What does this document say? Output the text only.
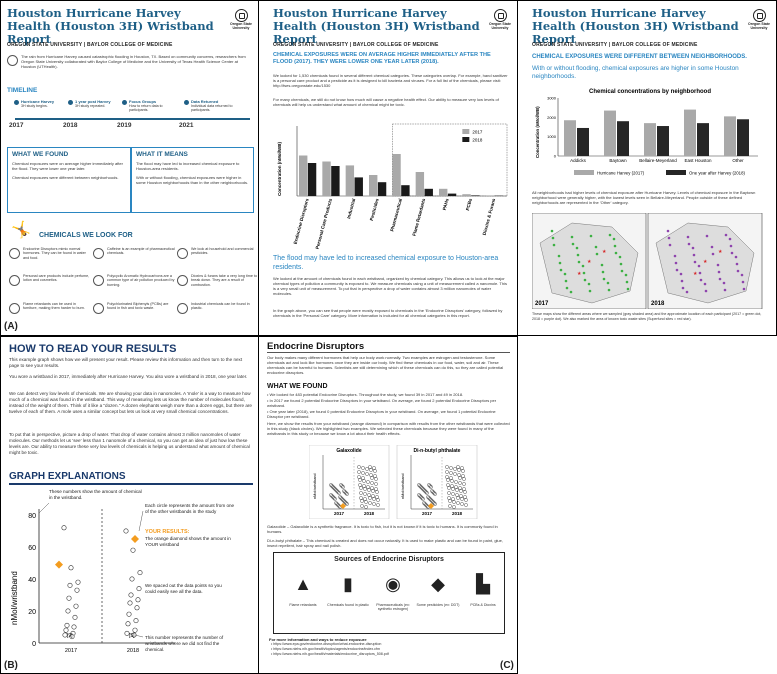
Houston Hurricane Harvey Health (Houston 3H) Wristband Report
OREGON STATE UNIVERSITY | BAYLOR COLLEGE OF MEDICINE
Oregon State University
The rain from Hurricane Harvey caused catastrophic flooding in Houston, TX. Based on community concerns, researchers from Oregon State University collaborated with Baylor College of Medicine and the University of Texas Health Science Center at Houston (UTHealth).
TIMELINE
Hurricane Harvey
3H study begins.
2017
1 year post Harvey
3H study repeated.
2018
Focus Groups
How to return data to participants.
2019
Data Returned
Individual data returned to participants.
2021
WHAT WE FOUND
Chemical exposures were on average higher immediately after the flood. They were lower one year later.
Chemical exposures were different between neighborhoods.
WHAT IT MEANS
The flood may have led to increased chemical exposure to Houston-area residents.
With or without flooding, chemical exposures were higher in some Houston neighborhoods than in the other neighborhoods.
🤸 CHEMICALS WE LOOK FOR
Endocrine Disruptors mimic normal hormones. They can be found in water and food.
Caffeine is an example of pharmaceutical chemicals.
We look at household and commercial pesticides.
Personal care products include perfume, lotion and cosmetics.
Polycyclic Aromatic Hydrocarbons are a common type of air pollution produced by burning.
Dioxins & furans take a very long time to break down. They are a result of combustion.
Flame retardants can be used in furniture, making them harder to burn.
Polychlorinated Biphenyls (PCBs) are found in fish and toxic waste.
Industrial chemicals can be found in plastic.
Houston Hurricane Harvey Health (Houston 3H) Wristband Report
OREGON STATE UNIVERSITY | BAYLOR COLLEGE OF MEDICINE
Oregon State University
CHEMICAL EXPOSURES WERE ON AVERAGE HIGHER IMMEDIATELY AFTER THE FLOOD (2017). THEY WERE LOWER ONE YEAR LATER (2018).
We looked for 1,530 chemicals found in several different chemical categories. These categories overlap. For example, hand sanitizer is a personal care product and a pesticide as it is designed to kill bacteria and viruses. For a full list of the chemicals, please visit: http://fses.oregonstate.edu/1530
For many chemicals, we still do not know how much will cause a negative health effect. Our ability to measure very low levels of chemicals will help us understand what amount of chemical might be toxic.
Concentration (nMol/WB)
Endocrine Disruptors Personal Care Products	Industrial	Pesticides Pharmaceutical Flame Retardants	PAHs	PCBs Dioxins & Furans
2017
2018
The flood may have led to increased chemical exposure to Houston-area residents.
We looked at the amount of chemicals found in each wristband, organized by chemical category. This allows us to look at the major chemical types of pollution a community is exposed to. We measure chemicals using a unit of measurement called a nanomole. This is a very small unit of measurement. To put that in perspective a drop of water contains almost 3 million nanomoles of water molecules.
In the graph above, you can see that people were mostly exposed to chemicals in the 'Endocrine Disruptors' category, followed by chemicals in the 'Personal Care' category. More information is included for all chemical categories in this report.
Houston Hurricane Harvey Health (Houston 3H) Wristband Report
OREGON STATE UNIVERSITY | BAYLOR COLLEGE OF MEDICINE
Oregon State University
CHEMICAL EXPOSURES WERE DIFFERENT BETWEEN NEIGHBORHOODS.
With or without flooding, chemical exposures are higher in some Houston neighborhoods.
Chemical concentrations by neighborhood
Concentration (nMol/WB)	0
1000
2000
3000
Addicks	Baytown	Bellaire-Meyerland East Houston	Other
Hurricane Harvey (2017)	One year after Harvey (2018)
All neighborhoods had higher levels of chemical exposure after Hurricane Harvey. Levels of chemical exposure in the Baytown neighborhood were generally higher, with the lowest levels seen in Bellaire-Meyerland. People outside of these defined neighborhoods are represented in the 'Other' category.
★
★
★
2017
★
★
★
2018
These maps show the different areas where we sampled (gray shaded area) and the approximate location of each participant (2017 = green dot, 2018 = purple dot). We also marked the area of known toxic waste sites (Superfund sites = red star).
HOW TO READ YOUR RESULTS
This example graph shows how we will present your result. Please review this information and then turn to the next page to see your results.
You wore a wristband in 2017, immediately after Hurricane Harvey. You also wore a wristband in 2018, one year later.
We can detect very low levels of chemicals. We are showing your data in nanomoles. A 'mole' is a way to measure how much of a chemical was found in the wristband. This way of measuring lets us know the number of molecules found, instead of the weight of them. Think of it like a "dozen." A dozen elephants weigh more than a dozen eggs, but there are twelve of each of them. A mole uses a similar concept but lets us look at very small chemical concentrations.
To put that in perspective, picture a drop of water. That drop of water contains almost 3 million nanomoles of water molecules. Our methods let us 'see' less than 1 nanomole of a chemical, so you can get an idea of just how low these levels are. Our ability to measure these very low levels of chemicals is helping us understand what amount of chemical might be toxic.
GRAPH EXPLANATIONS
nMol/wristband
80
60
40
20
0
2017	2018
[9]	[5]
These numbers show the amount of chemical
in the wristband.
Each circle represents the amount from one
of the other wristbands in the study
YOUR RESULTS:
The orange diamond shows the amount in
YOUR wristband
We spaced out the data points so you
could easily see all the data.
This number represents the number of
wristbands where we did not find the
chemical.
Endocrine Disruptors
Our body makes many different hormones that help our body work normally. Two examples are estrogen and testosterone. Some chemicals act and look like hormones once they are inside our body. We find these chemicals in our food, water, soil and air. These chemicals can be harmful to humans. Scientists are still determining which of these chemicals can do this, so they are called potential endocrine disruptors.
WHAT WE FOUND
• We looked for 483 potential Endocrine Disruptors. Throughout the study, we found 39 in 2017 and 49 in 2018.
• In 2017 we found 2 potential Endocrine Disruptors in your wristband. On average, we found 2 potential Endocrine Disruptors per wristband.
• One year later (2018), we found 0 potential Endocrine Disruptors in your wristband. On average, we found 1 potential Endocrine Disruptor per wristband.
Here, we show the results from your wristband (orange diamond) in comparison with results from the other wristbands that were collected in this study (black circles). We highlighted two examples. We selected these chemicals because they were found in many of the wristbands in this study or because we know a lot about their health effects.
Galaxolide
nMol/wristband
2017	2018
Di-n-butyl phthalate
nMol/wristband
2017	2018
Galaxolide – Galaxolide is a synthetic fragrance. It is toxic to fish, but it is not known if it is toxic to humans. It is commonly found in humans.
Di-n-butyl phthalate – This chemical is created and does not occur naturally. It is used to make plastic and can be found in paint, glue, insect repellent, hair spray and nail polish.
Sources of Endocrine Disruptors
▲
Flame retardants
▮
Chemicals found in plastic
◉
Pharmaceuticals (ex: synthetic estrogen)
◆
Some pesticides (ex: DDT)
▙
PCBs & Dioxins
For more information and ways to reduce exposure
• https://www.epa.gov/endocrine-disruption/what-endocrine-disruption
• https://www.niehs.nih.gov/health/topics/agents/endocrine/index.cfm
• https://www.niehs.nih.gov/health/materials/endocrine_disruptors_508.pdf
(A)
(B)	(C)
